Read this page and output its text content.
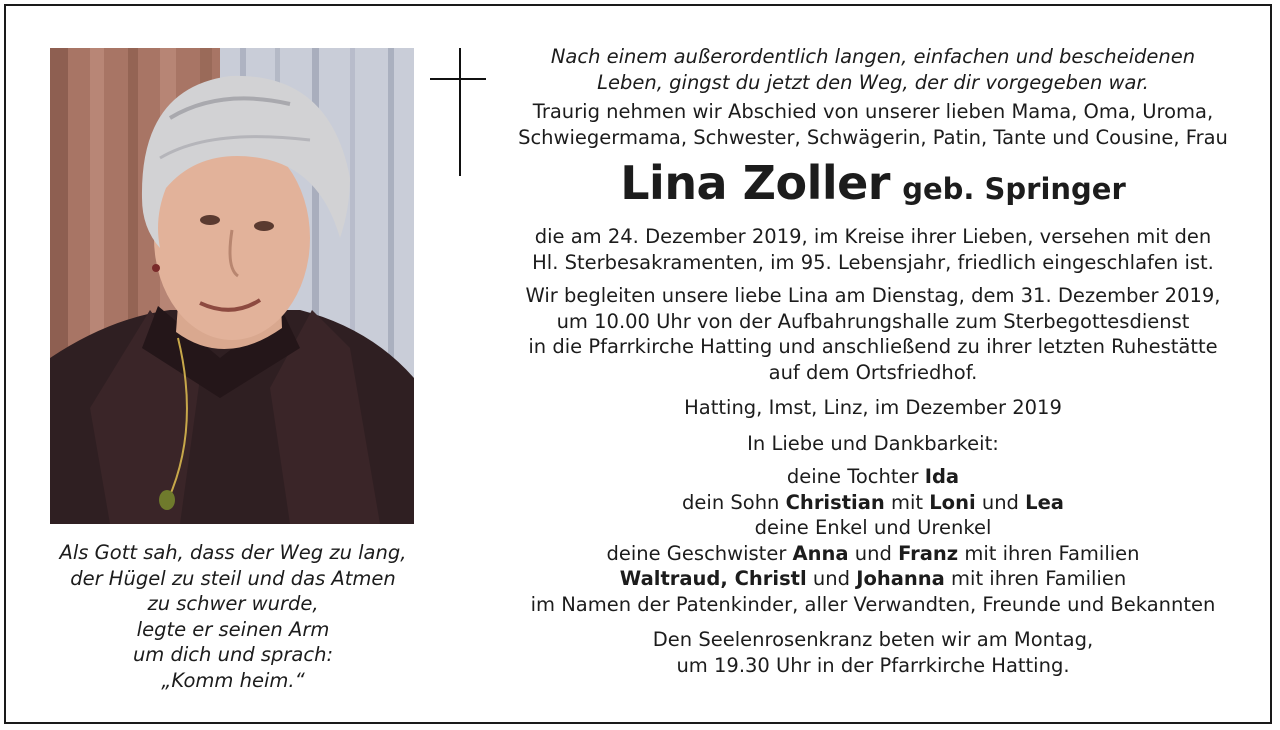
Als Gott sah, dass der Weg zu lang,
der Hügel zu steil und das Atmen
zu schwer wurde,
legte er seinen Arm
um dich und sprach:
„Komm heim.“
Nach einem außerordentlich langen, einfachen und bescheidenen
Leben, gingst du jetzt den Weg, der dir vorgegeben war.
Traurig nehmen wir Abschied von unserer lieben Mama, Oma, Uroma,
Schwiegermama, Schwester, Schwägerin, Patin, Tante und Cousine, Frau
Lina Zoller geb. Springer
die am 24. Dezember 2019, im Kreise ihrer Lieben, versehen mit den
Hl. Sterbesakramenten, im 95. Lebensjahr, friedlich eingeschlafen ist.
Wir begleiten unsere liebe Lina am Dienstag, dem 31. Dezember 2019,
um 10.00 Uhr von der Aufbahrungshalle zum Sterbegottesdienst
in die Pfarrkirche Hatting und anschließend zu ihrer letzten Ruhestätte
auf dem Ortsfriedhof.
Hatting, Imst, Linz, im Dezember 2019
In Liebe und Dankbarkeit:
deine Tochter Ida
dein Sohn Christian mit Loni und Lea
deine Enkel und Urenkel
deine Geschwister Anna und Franz mit ihren Familien
Waltraud, Christl und Johanna mit ihren Familien
im Namen der Patenkinder, aller Verwandten, Freunde und Bekannten
Den Seelenrosenkranz beten wir am Montag,
um 19.30 Uhr in der Pfarrkirche Hatting.
